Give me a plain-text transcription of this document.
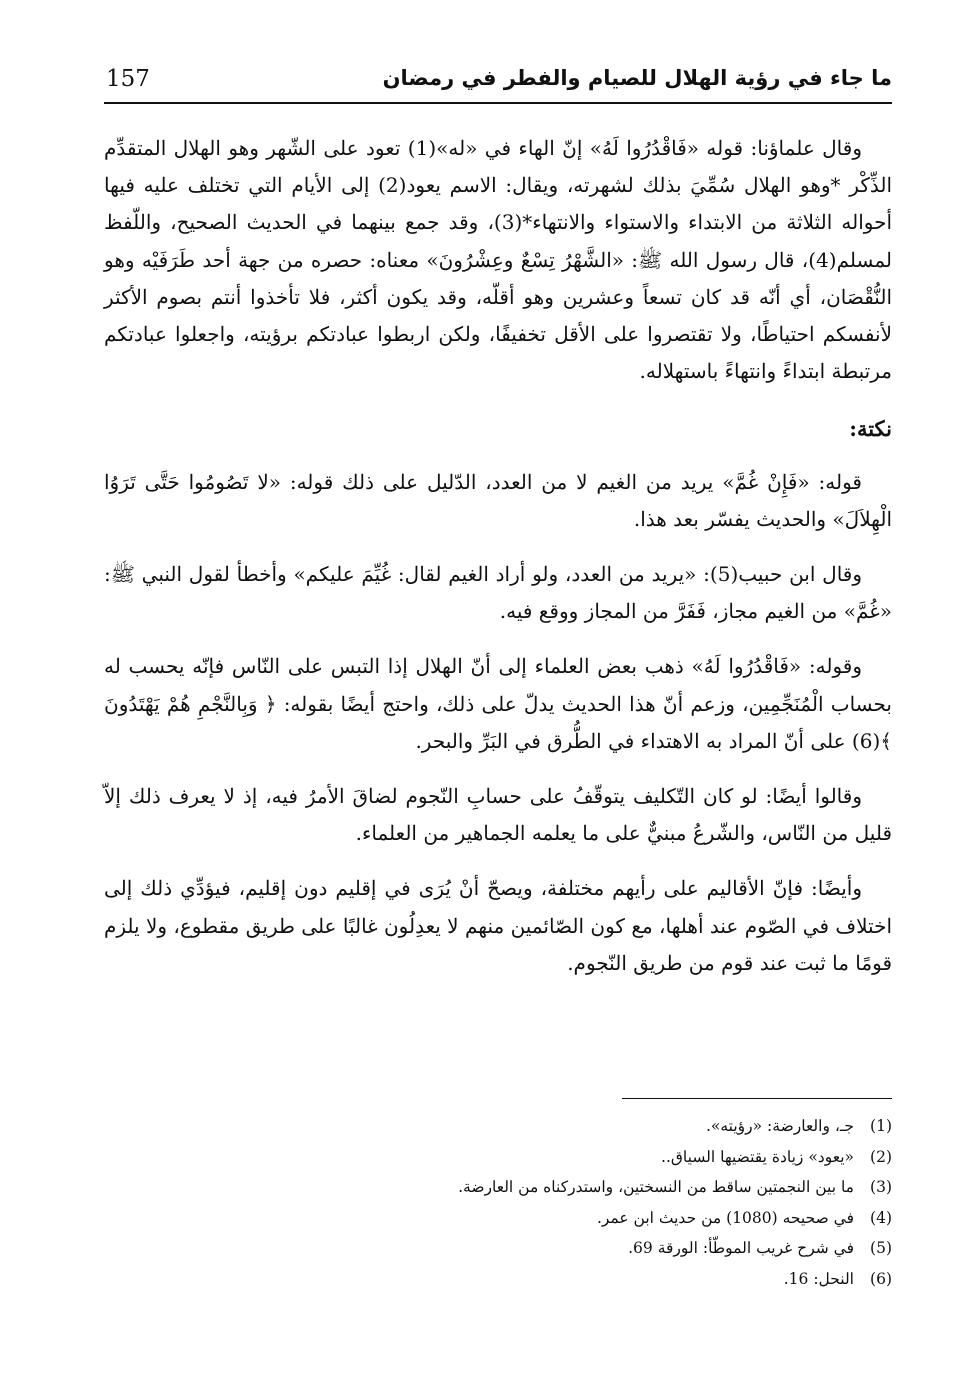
ما جاء في رؤية الهلال للصيام والفطر في رمضان
157

وقال علماؤنا: قوله «فَاقْدُرُوا لَهُ» إنّ الهاء في «له»(1) تعود على الشّهر وهو الهلال المتقدِّم الذِّكْر *وهو الهلال سُمِّيَ بذلك لشهرته، ويقال: الاسم يعود(2) إلى الأيام التي تختلف عليه فيها أحواله الثلاثة من الابتداء والاستواء والانتهاء*(3)، وقد جمع بينهما في الحديث الصحيح، واللّفظ لمسلم(4)، قال رسول الله ﷺ: «الشَّهْرُ تِسْعٌ وعِشْرُونَ» معناه: حصره من جهة أحد طَرَفَيْه وهو النُّقْصَان، أي أنّه قد كان تسعاً وعشرين وهو أقلّه، وقد يكون أكثر، فلا تأخذوا أنتم بصوم الأكثر لأنفسكم احتياطًا، ولا تقتصروا على الأقل تخفيفًا، ولكن اربطوا عبادتكم برؤيته، واجعلوا عبادتكم مرتبطة ابتداءً وانتهاءً باستهلاله.

نكتة:

قوله: «فَإِنْ غُمَّ» يريد من الغيم لا من العدد، الدّليل على ذلك قوله: «لا تَصُومُوا حَتَّى تَرَوُا الْهِلاَلَ» والحديث يفسّر بعد هذا.

وقال ابن حبيب(5): «يريد من العدد، ولو أراد الغيم لقال: غُيِّمَ عليكم» وأخطأ لقول النبي ﷺ: «غُمَّ» من الغيم مجاز، فَفَرَّ من المجاز ووقع فيه.

وقوله: «فَاقْدُرُوا لَهُ» ذهب بعض العلماء إلى أنّ الهلال إذا التبس على النّاس فإنّه يحسب له بحساب الْمُنَجِّمِين، وزعم أنّ هذا الحديث يدلّ على ذلك، واحتج أيضًا بقوله: ﴿ وَبِالنَّجْمِ هُمْ يَهْتَدُونَ ﴾(6) على أنّ المراد به الاهتداء في الطُّرق في البَرِّ والبحر.

وقالوا أيضًا: لو كان التّكليف يتوقّفُ على حسابِ النّجوم لضاقَ الأمرُ فيه، إذ لا يعرف ذلك إلاّ قليل من النّاس، والشّرعُ مبنيٌّ على ما يعلمه الجماهير من العلماء.

وأيضًا: فإنّ الأقاليم على رأيهم مختلفة، ويصحّ أنْ يُرَى في إقليم دون إقليم، فيؤدِّي ذلك إلى اختلاف في الصّوم عند أهلها، مع كون الصّائمين منهم لا يعدِلُون غالبًا على طريق مقطوع، ولا يلزم قومًا ما ثبت عند قوم من طريق النّجوم.

(1)جـ، والعارضة: «رؤيته».
(2)«يعود» زيادة يقتضيها السياق..
(3)ما بين النجمتين ساقط من النسختين، واستدركناه من العارضة.
(4)في صحيحه (1080) من حديث ابن عمر.
(5)في شرح غريب الموطّأ: الورقة 69.
(6)النحل: 16.
